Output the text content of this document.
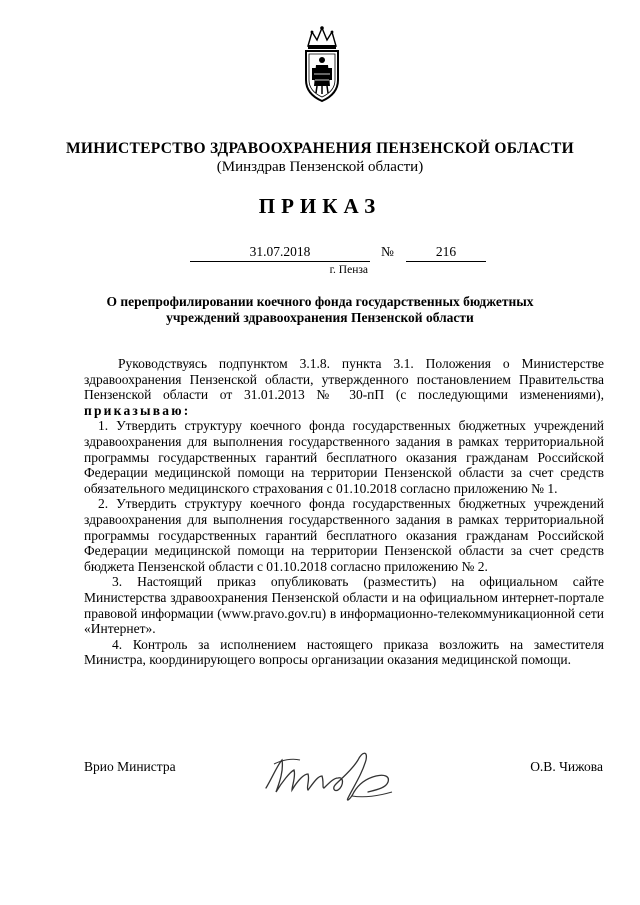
МИНИСТЕРСТВО ЗДРАВООХРАНЕНИЯ ПЕНЗЕНСКОЙ ОБЛАСТИ
(Минздрав Пензенской области)
ПРИКАЗ
31.07.2018	№	216
г. Пенза
О перепрофилировании коечного фонда государственных бюджетных учреждений здравоохранения Пензенской области

Руководствуясь подпунктом 3.1.8. пункта 3.1. Положения о Министерстве здравоохранения Пензенской области, утвержденного постановлением Правительства Пензенской области от 31.01.2013 № 30-пП (с последующими изменениями), приказываю:

1. Утвердить структуру коечного фонда государственных бюджетных учреждений здравоохранения для выполнения государственного задания в рамках территориальной программы государственных гарантий бесплатного оказания гражданам Российской Федерации медицинской помощи на территории Пензенской области за счет средств обязательного медицинского страхования с 01.10.2018 согласно приложению № 1.

2. Утвердить структуру коечного фонда государственных бюджетных учреждений здравоохранения для выполнения государственного задания в рамках территориальной программы государственных гарантий бесплатного оказания гражданам Российской Федерации медицинской помощи на территории Пензенской области за счет средств бюджета Пензенской области с 01.10.2018 согласно приложению № 2.

3. Настоящий приказ опубликовать (разместить) на официальном сайте Министерства здравоохранения Пензенской области и на официальном интернет-портале правовой информации (www.pravo.gov.ru) в информационно-телекоммуникационной сети «Интернет».

4. Контроль за исполнением настоящего приказа возложить на заместителя Министра, координирующего вопросы организации оказания медицинской помощи.

Врио Министра	О.В. Чижова
